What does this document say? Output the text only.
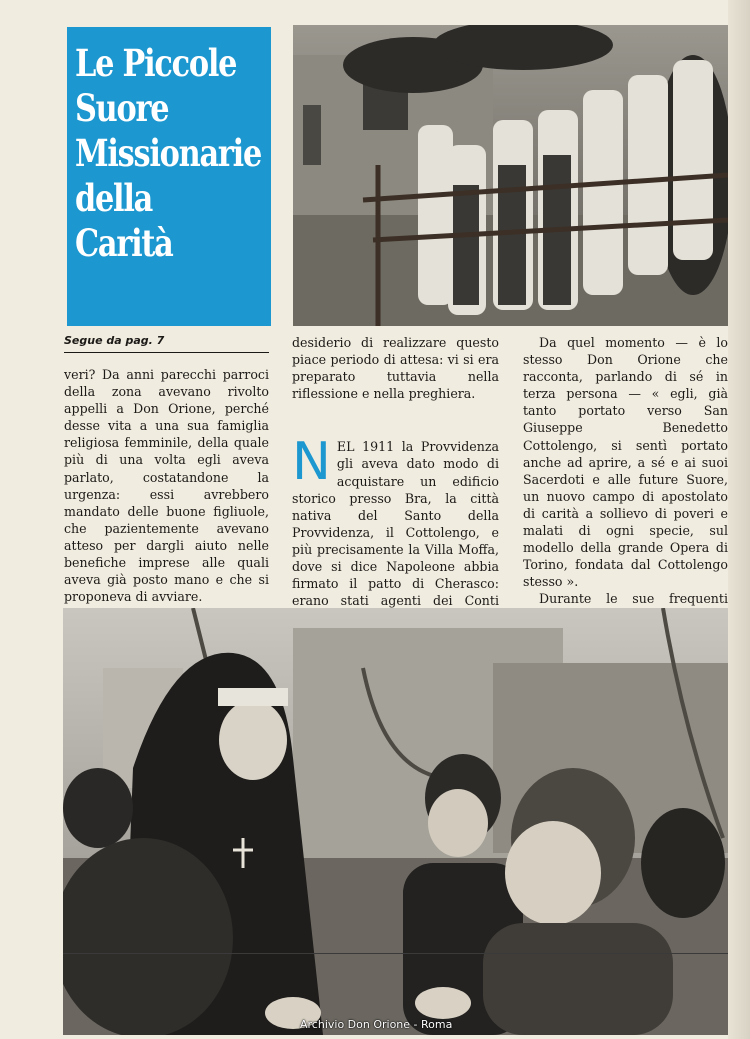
Le Piccole
Suore
Missionarie
della
Carità
Segue da pag. 7

veri? Da anni parecchi parroci della zona avevano rivolto appelli a Don Orione, perché desse vita a una sua famiglia religiosa femminile, della quale più di una volta egli aveva parlato, costatandone la urgenza: essi avrebbero mandato delle buone figliuole, che pazientemente avevano atteso per dargli aiuto nelle benefiche imprese alle quali aveva già posto mano e che si proponeva di avviare.

desiderio di realizzare questo piace periodo di attesa: vi si era preparato tuttavia nella riflessione e nella preghiera.

NEL 1911 la Provvidenza gli aveva dato modo di acquistare un edificio storico presso Bra, la città nativa del Santo della Provvidenza, il Cottolengo, e più precisamente la Villa Moffa, dove si dice Napoleone abbia firmato il patto di Cherasco: erano stati agenti dei Conti

Da quel momento — è lo stesso Don Orione che racconta, parlando di sé in terza persona — « egli, già tanto portato verso San Giuseppe Benedetto Cottolengo, si sentì portato anche ad aprire, a sé e ai suoi Sacerdoti e alle future Suore, un nuovo campo di apostolato di carità a sollievo di poveri e malati di ogni specie, sul modello della grande Opera di Torino, fondata dal Cottolengo stesso ».

Durante le sue frequenti

Archivio Don Orione - Roma
